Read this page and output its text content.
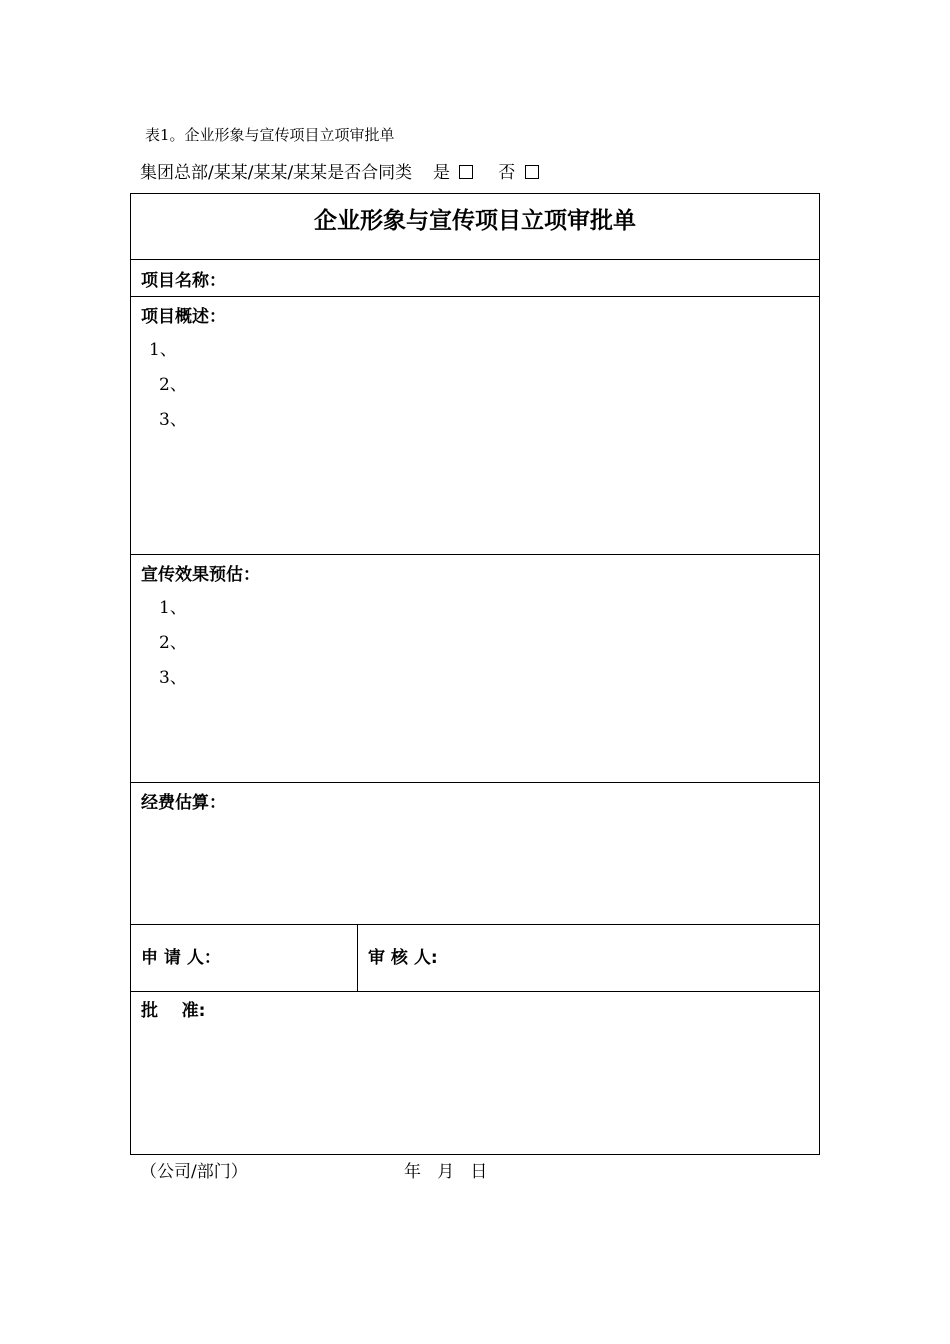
表1。企业形象与宣传项目立项审批单
集团总部/某某/某某/某某是否合同类 是	否
企业形象与宣传项目立项审批单
项目名称：
项目概述：
1、
2、
3、
宣传效果预估：
1、
2、
3、
经费估算：
申 请 人：	审 核 人:
批    准:
（公司/部门）	年   月   日
